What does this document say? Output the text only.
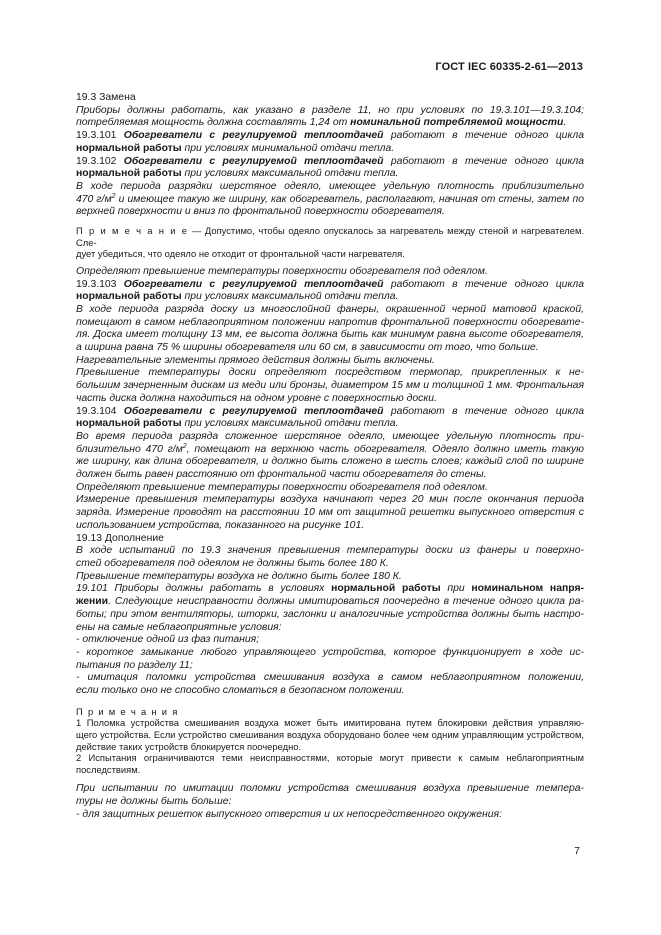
ГОСТ IEC 60335-2-61—2013
19.3 Замена
Приборы должны работать, как указано в разделе 11, но при условиях по 19.3.101—19.3.104;
потребляемая мощность должна составлять 1,24 от номинальной потребляемой мощности.
19.3.101 Обогреватели с регулируемой теплоотдачей работают в течение одного цикла
нормальной работы при условиях минимальной отдачи тепла.
19.3.102 Обогреватели с регулируемой теплоотдачей работают в течение одного цикла
нормальной работы при условиях максимальной отдачи тепла.
В ходе периода разрядки шерстяное одеяло, имеющее удельную плотность приблизительно
470 $г/м^2$ и имеющее такую же ширину, как обогреватель, располагают, начиная от стены, затем по
верхней поверхности и вниз по фронтальной поверхности обогревателя.
П р и м е ч а н и е — Допустимо, чтобы одеяло опускалось за нагреватель между стеной и нагревателем. Сле-
дует убедиться, что одеяло не отходит от фронтальной части нагревателя.
Определяют превышение температуры поверхности обогревателя под одеялом.
19.3.103 Обогреватели с регулируемой теплоотдачей работают в течение одного цикла
нормальной работы при условиях максимальной отдачи тепла.
В ходе периода разряда доску из многослойной фанеры, окрашенной черной матовой краской,
помещают в самом неблагоприятном положении напротив фронтальной поверхности обогревате-
ля. Доска имеет толщину 13 мм, ее высота должна быть как минимум равна высоте обогревателя,
а ширина равна 75 % ширины обогревателя или 60 см, в зависимости от того, что больше.
Нагревательные элементы прямого действия должны быть включены.
Превышение температуры доски определяют посредством термопар, прикрепленных к не-
большим зачерненным дискам из меди или бронзы, диаметром 15 мм и толщиной 1 мм. Фронтальная
часть диска должна находиться на одном уровне с поверхностью доски.
19.3.104 Обогреватели с регулируемой теплоотдачей работают в течение одного цикла
нормальной работы при условиях максимальной отдачи тепла.
Во время периода разряда сложенное шерстяное одеяло, имеющее удельную плотность при-
близительно 470 $г/м^2$, помещают на верхнюю часть обогревателя. Одеяло должно иметь такую
же ширину, как длина обогревателя, и должно быть сложено в шесть слоев; каждый слой по ширине
должен быть равен расстоянию от фронтальной части обогревателя до стены.
Определяют превышение температуры поверхности обогревателя под одеялом.
Измерение превышения температуры воздуха начинают через 20 мин после окончания периода
заряда. Измерение проводят на расстоянии 10 мм от защитной решетки выпускного отверстия с
использованием устройства, показанного на рисунке 101.
19.13 Дополнение
В ходе испытаний по 19.3 значения превышения температуры доски из фанеры и поверхно-
стей обогревателя под одеялом не должны быть более 180 К.
Превышение температуры воздуха не должно быть более 180 К.
19.101 Приборы должны работать в условиях нормальной работы при номинальном напря-
жении. Следующие неисправности должны имитироваться поочередно в течение одного цикла ра-
боты; при этом вентиляторы, шторки, заслонки и аналогичные устройства должны быть настро-
ены на самые неблагоприятные условия:
- отключение одной из фаз питания;
- короткое замыкание любого управляющего устройства, которое функционирует в ходе ис-
пытания по разделу 11;
- имитация поломки устройства смешивания воздуха в самом неблагоприятном положении,
если только оно не способно сломаться в безопасном положении.
П р и м е ч а н и я
1 Поломка устройства смешивания воздуха может быть имитирована путем блокировки действия управляю-
щего устройства. Если устройство смешивания воздуха оборудовано более чем одним управляющим устройством,
действие таких устройств блокируется поочередно.
2 Испытания ограничиваются теми неисправностями, которые могут привести к самым неблагоприятным
последствиям.
При испытании по имитации поломки устройства смешивания воздуха превышение темпера-
туры не должны быть больше:
- для защитных решеток выпускного отверстия и их непосредственного окружения:
7
